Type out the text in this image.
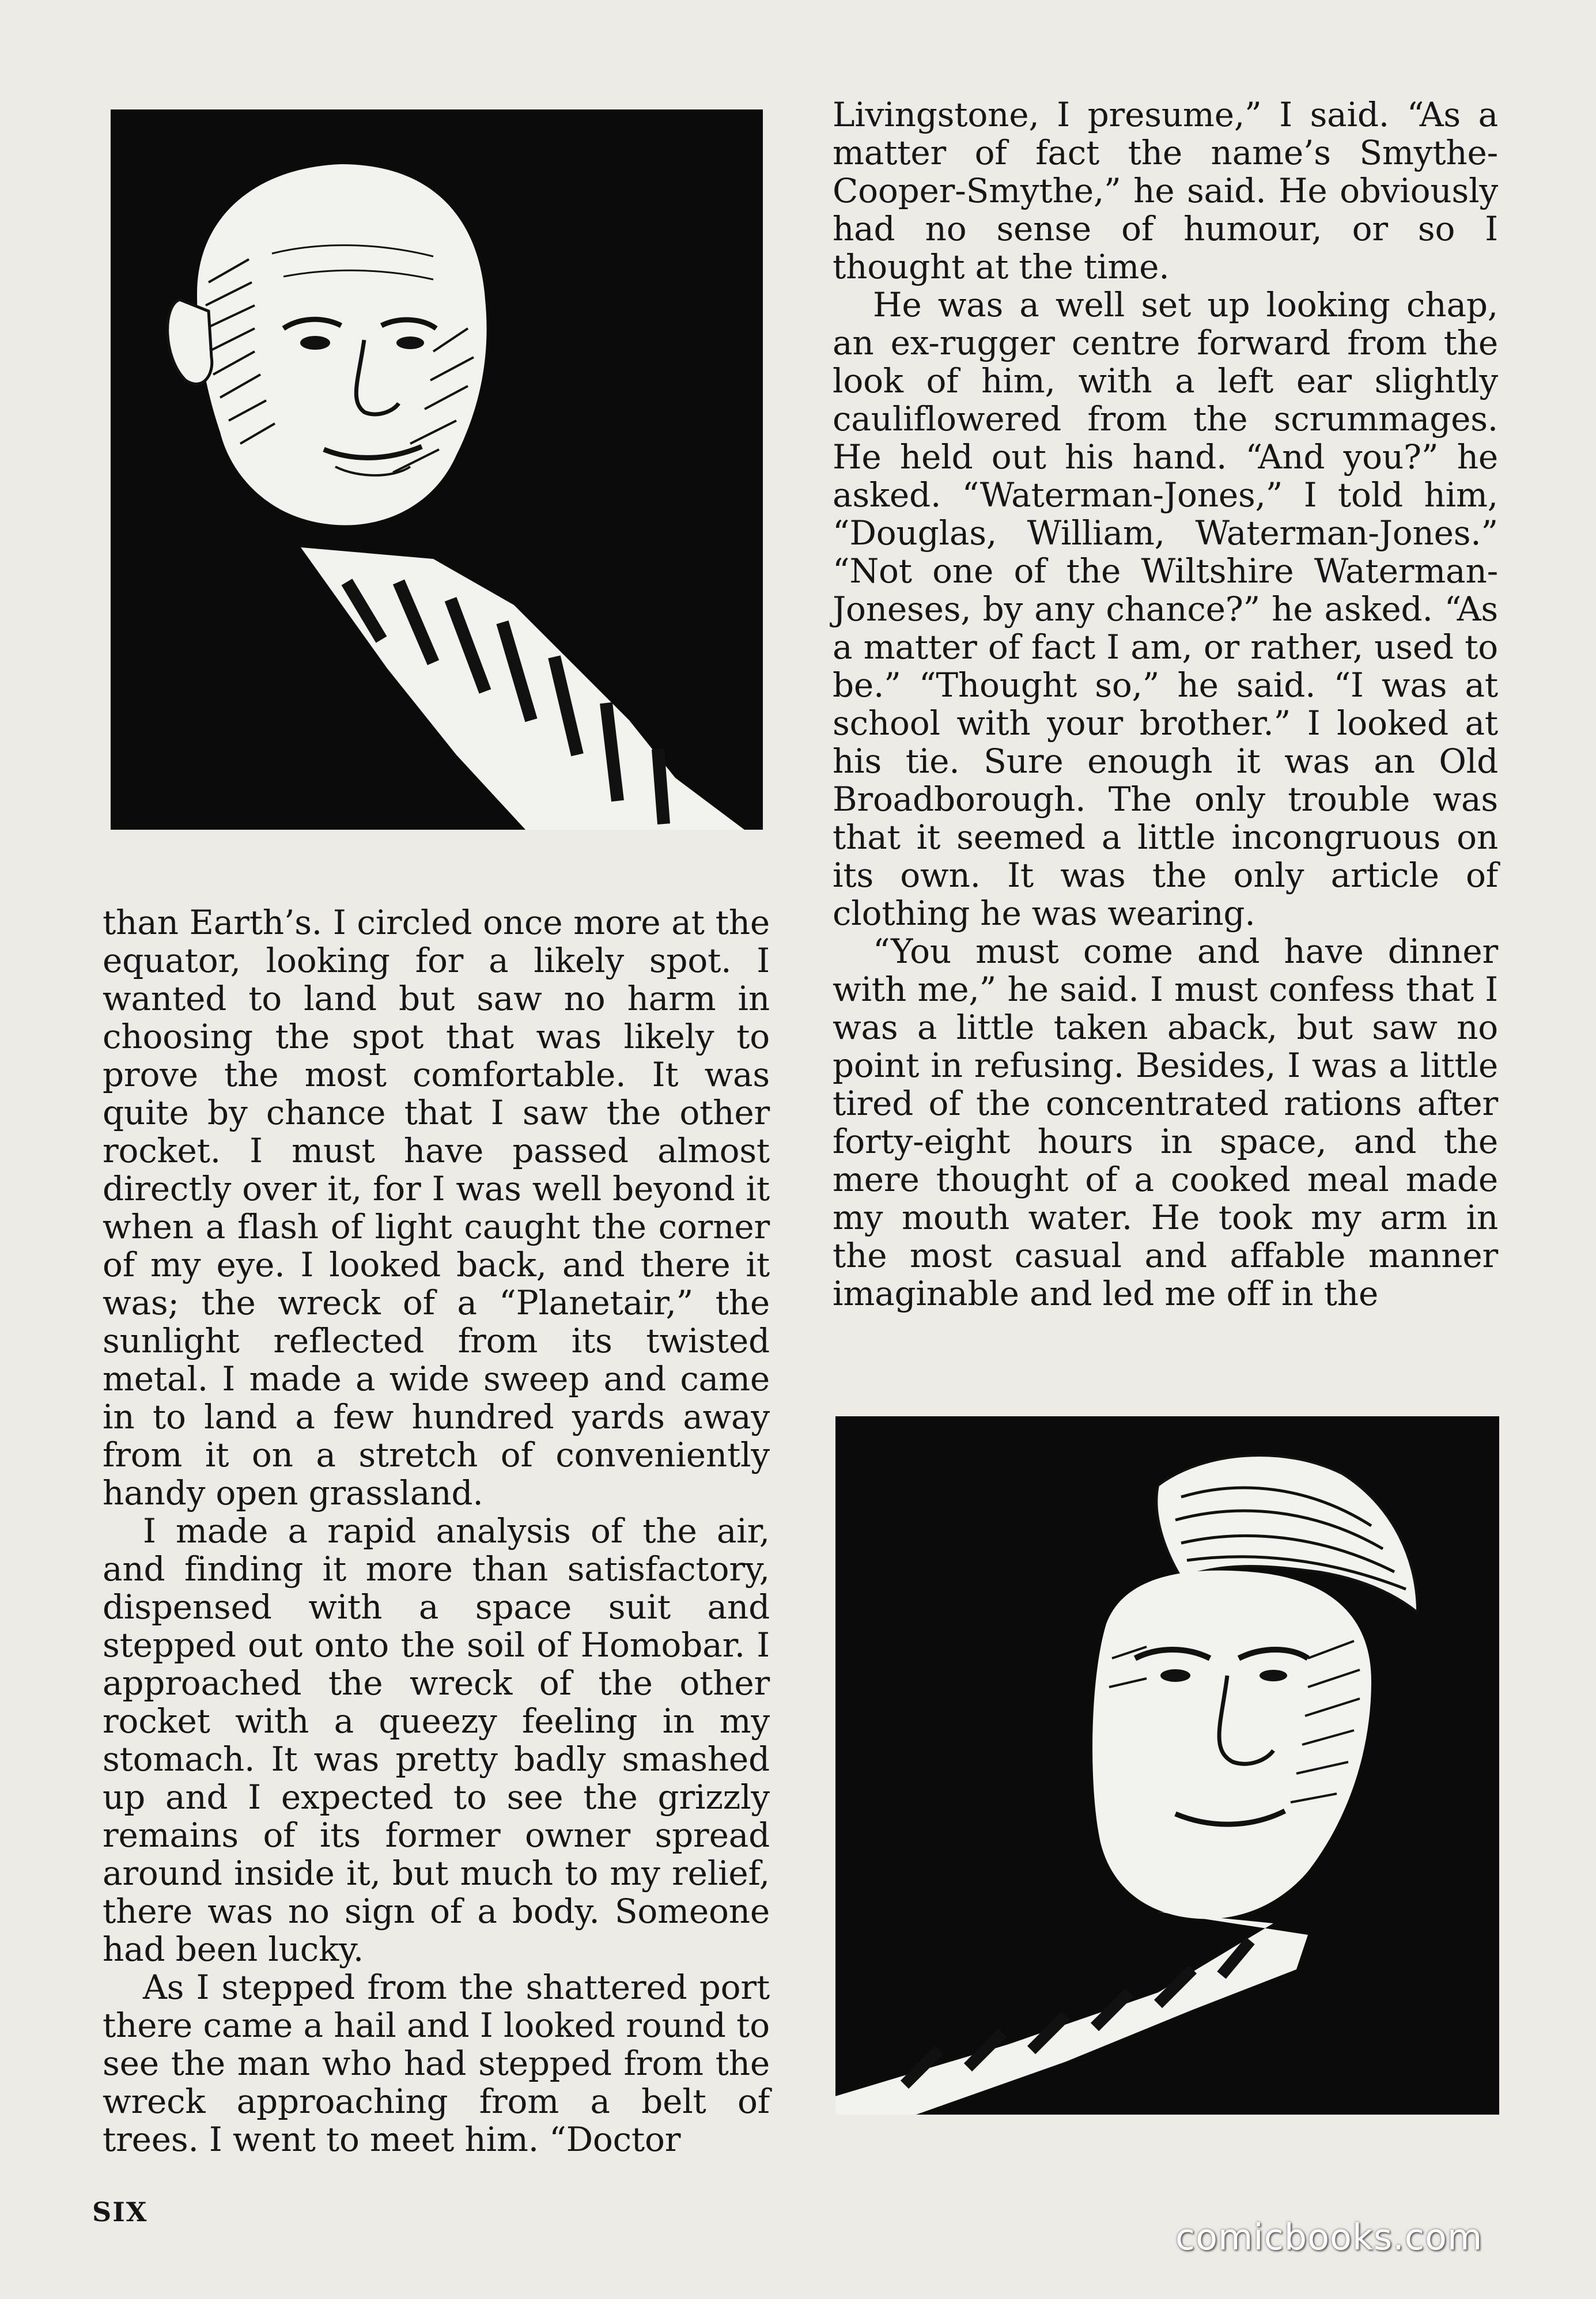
than Earth’s. I circled once more at the equator, looking for a likely spot. I wanted to land but saw no harm in choosing the spot that was likely to prove the most comfortable. It was quite by chance that I saw the other rocket. I must have passed almost directly over it, for I was well beyond it when a flash of light caught the corner of my eye. I looked back, and there it was; the wreck of a “Planetair,” the sunlight reflected from its twisted metal. I made a wide sweep and came in to land a few hundred yards away from it on a stretch of conveniently handy open grassland.

I made a rapid analysis of the air, and finding it more than satisfactory, dispensed with a space suit and stepped out onto the soil of Homobar. I approached the wreck of the other rocket with a queezy feeling in my stomach. It was pretty badly smashed up and I expected to see the grizzly remains of its former owner spread around inside it, but much to my relief, there was no sign of a body. Someone had been lucky.

As I stepped from the shattered port there came a hail and I looked round to see the man who had stepped from the wreck approaching from a belt of trees. I went to meet him. “Doctor

Livingstone, I presume,” I said. “As a matter of fact the name’s Smythe-Cooper-Smythe,” he said. He obviously had no sense of humour, or so I thought at the time.

He was a well set up looking chap, an ex-rugger centre forward from the look of him, with a left ear slightly cauliflowered from the scrummages. He held out his hand. “And you?” he asked. “Waterman-Jones,” I told him, “Douglas, William, Waterman-Jones.” “Not one of the Wiltshire Waterman-Joneses, by any chance?” he asked. “As a matter of fact I am, or rather, used to be.” “Thought so,” he said. “I was at school with your brother.” I looked at his tie. Sure enough it was an Old Broadborough. The only trouble was that it seemed a little incongruous on its own. It was the only article of clothing he was wearing.

“You must come and have dinner with me,” he said. I must confess that I was a little taken aback, but saw no point in refusing. Besides, I was a little tired of the concentrated rations after forty-eight hours in space, and the mere thought of a cooked meal made my mouth water. He took my arm in the most casual and affable manner imaginable and led me off in the

SIX
comicbooks.com
